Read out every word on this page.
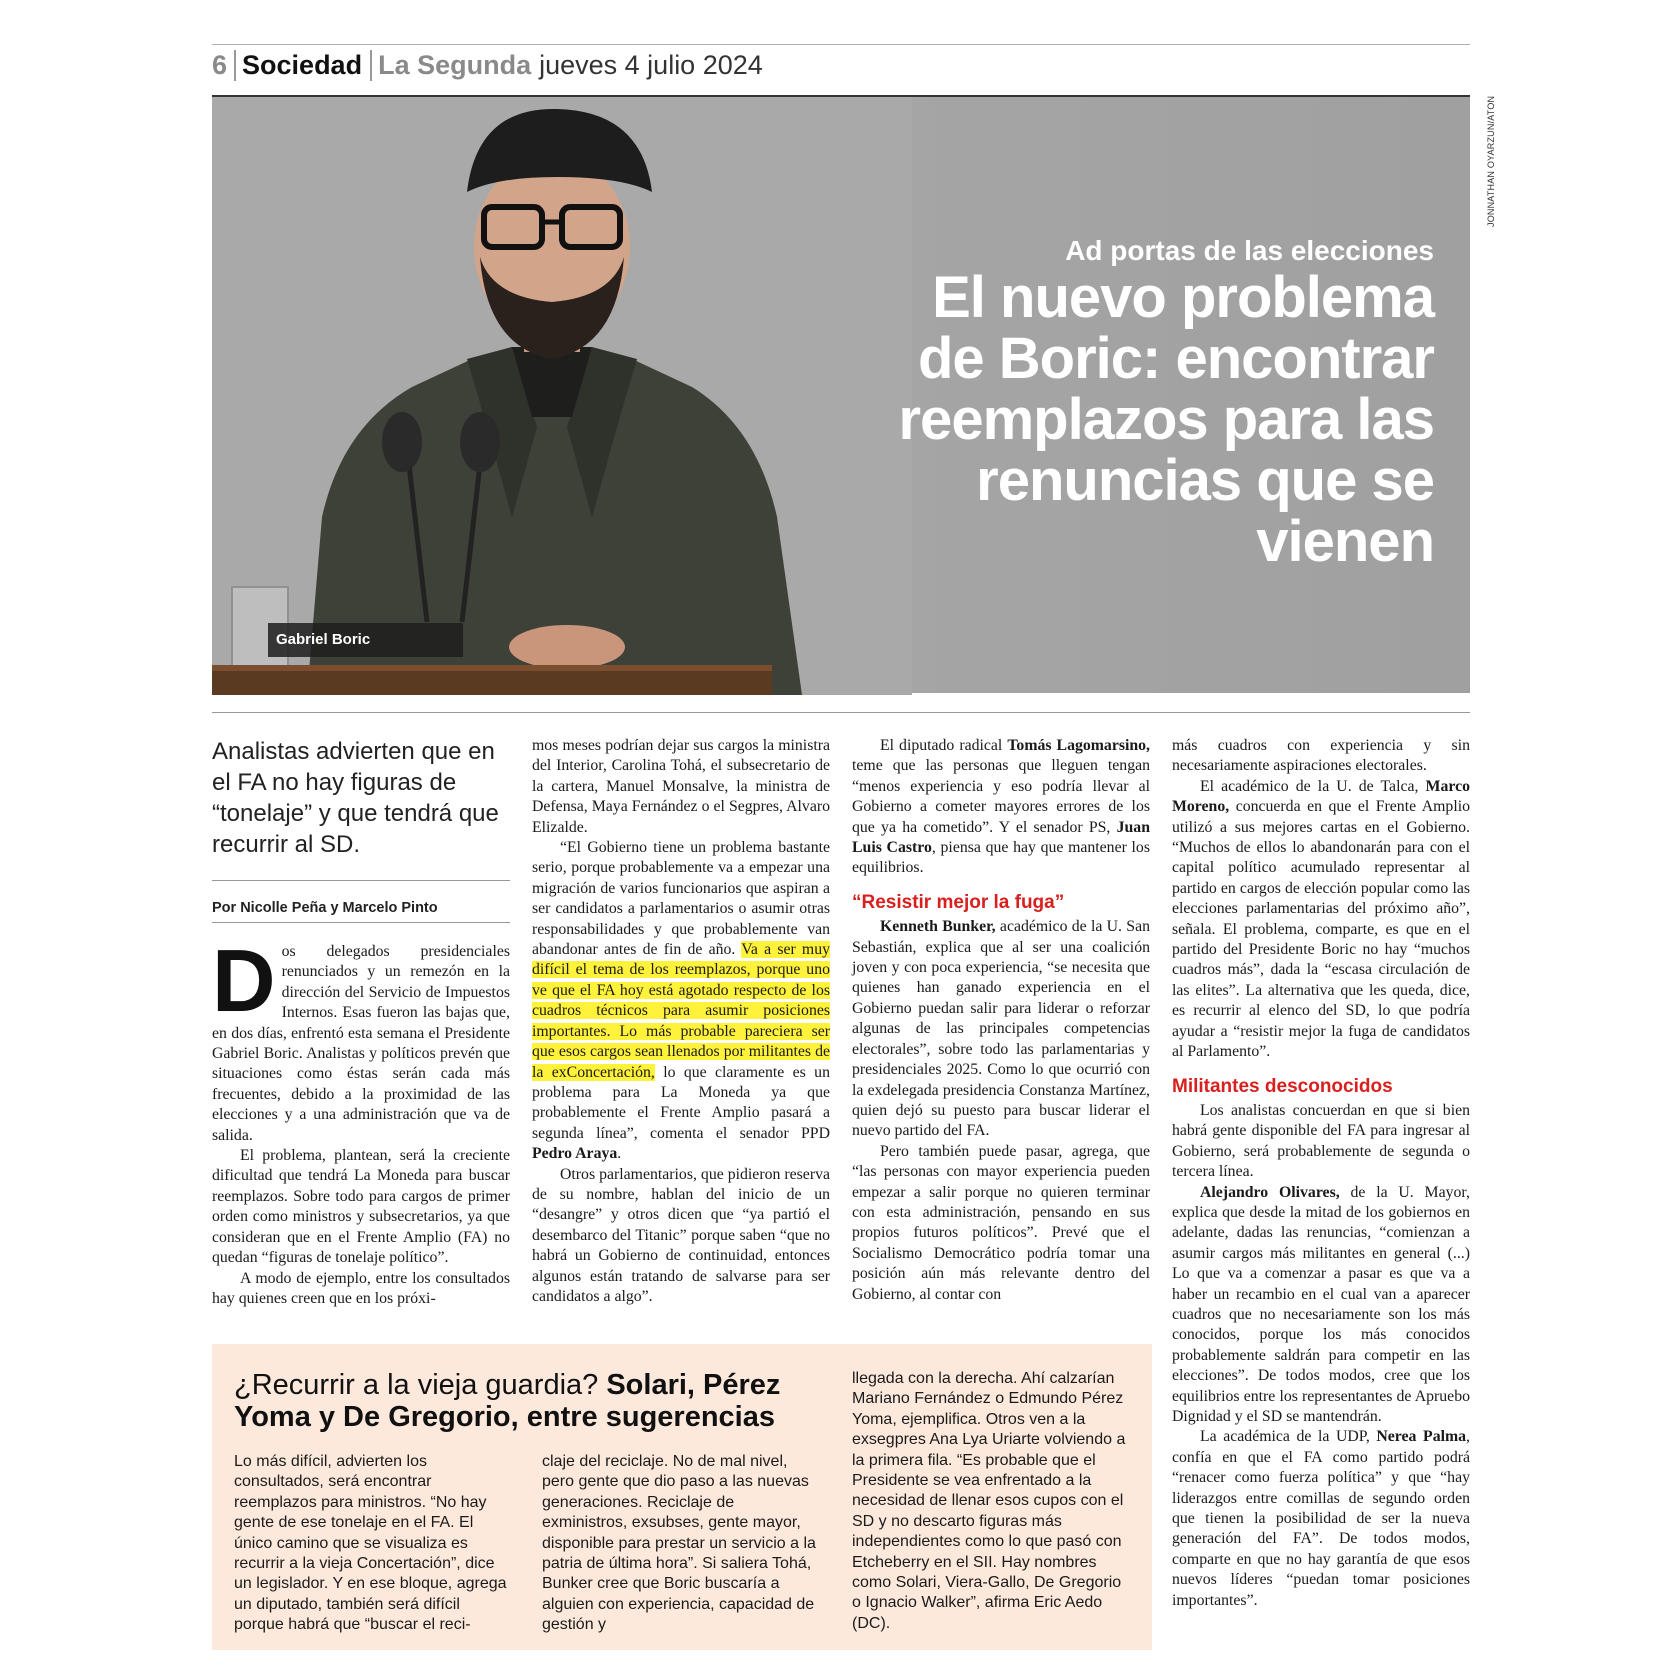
6 Sociedad La Segunda jueves 4 julio 2024
Gabriel Boric
JONNATHAN OYARZUN/ATON
Ad portas de las elecciones
El nuevo problema de Boric: encontrar reemplazos para las renuncias que se vienen
Analistas advierten que en el FA no hay figuras de “tonelaje” y que tendrá que recurrir al SD.
Por Nicolle Peña y Marcelo Pinto

Dos delegados presidenciales renunciados y un remezón en la dirección del Servicio de Impuestos Internos. Esas fueron las bajas que, en dos días, enfrentó esta semana el Presidente Gabriel Boric. Analistas y políticos prevén que situaciones como éstas serán cada más frecuentes, debido a la proximidad de las elecciones y a una administración que va de salida.

El problema, plantean, será la creciente dificultad que tendrá La Moneda para buscar reemplazos. Sobre todo para cargos de primer orden como ministros y subsecretarios, ya que consideran que en el Frente Amplio (FA) no quedan “figuras de tonelaje político”.

A modo de ejemplo, entre los consultados hay quienes creen que en los próxi-

mos meses podrían dejar sus cargos la ministra del Interior, Carolina Tohá, el subsecretario de la cartera, Manuel Monsalve, la ministra de Defensa, Maya Fernández o el Segpres, Alvaro Elizalde.

“El Gobierno tiene un problema bastante serio, porque probablemente va a empezar una migración de varios funcionarios que aspiran a ser candidatos a parlamentarios o asumir otras responsabilidades y que probablemente van abandonar antes de fin de año. Va a ser muy difícil el tema de los reemplazos, porque uno ve que el FA hoy está agotado respecto de los cuadros técnicos para asumir posiciones importantes. Lo más probable pareciera ser que esos cargos sean llenados por militantes de la exConcertación, lo que claramente es un problema para La Moneda ya que probablemente el Frente Amplio pasará a segunda línea”, comenta el senador PPD Pedro Araya.

Otros parlamentarios, que pidieron reserva de su nombre, hablan del inicio de un “desangre” y otros dicen que “ya partió el desembarco del Titanic” porque saben “que no habrá un Gobierno de continuidad, entonces algunos están tratando de salvarse para ser candidatos a algo”.

El diputado radical Tomás Lagomarsino, teme que las personas que lleguen tengan “menos experiencia y eso podría llevar al Gobierno a cometer mayores errores de los que ya ha cometido”. Y el senador PS, Juan Luis Castro, piensa que hay que mantener los equilibrios.

“Resistir mejor la fuga”

Kenneth Bunker, académico de la U. San Sebastián, explica que al ser una coalición joven y con poca experiencia, “se necesita que quienes han ganado experiencia en el Gobierno puedan salir para liderar o reforzar algunas de las principales competencias electorales”, sobre todo las parlamentarias y presidenciales 2025. Como lo que ocurrió con la exdelegada presidencia Constanza Martínez, quien dejó su puesto para buscar liderar el nuevo partido del FA.

Pero también puede pasar, agrega, que “las personas con mayor experiencia pueden empezar a salir porque no quieren terminar con esta administración, pensando en sus propios futuros políticos”. Prevé que el Socialismo Democrático podría tomar una posición aún más relevante dentro del Gobierno, al contar con

más cuadros con experiencia y sin necesariamente aspiraciones electorales.

El académico de la U. de Talca, Marco Moreno, concuerda en que el Frente Amplio utilizó a sus mejores cartas en el Gobierno. “Muchos de ellos lo abandonarán para con el capital político acumulado representar al partido en cargos de elección popular como las elecciones parlamentarias del próximo año”, señala. El problema, comparte, es que en el partido del Presidente Boric no hay “muchos cuadros más”, dada la “escasa circulación de las elites”. La alternativa que les queda, dice, es recurrir al elenco del SD, lo que podría ayudar a “resistir mejor la fuga de candidatos al Parlamento”.

Militantes desconocidos

Los analistas concuerdan en que si bien habrá gente disponible del FA para ingresar al Gobierno, será probablemente de segunda o tercera línea.

Alejandro Olivares, de la U. Mayor, explica que desde la mitad de los gobiernos en adelante, dadas las renuncias, “comienzan a asumir cargos más militantes en general (...) Lo que va a comenzar a pasar es que va a haber un recambio en el cual van a aparecer cuadros que no necesariamente son los más conocidos, porque los más conocidos probablemente saldrán para competir en las elecciones”. De todos modos, cree que los equilibrios entre los representantes de Apruebo Dignidad y el SD se mantendrán.

La académica de la UDP, Nerea Palma, confía en que el FA como partido podrá “renacer como fuerza política” y que “hay liderazgos entre comillas de segundo orden que tienen la posibilidad de ser la nueva generación del FA”. De todos modos, comparte en que no hay garantía de que esos nuevos líderes “puedan tomar posiciones importantes”.

¿Recurrir a la vieja guardia? Solari, Pérez Yoma y De Gregorio, entre sugerencias
Lo más difícil, advierten los consultados, será encontrar reemplazos para ministros. “No hay gente de ese tonelaje en el FA. El único camino que se visualiza es recurrir a la vieja Concertación”, dice un legislador. Y en ese bloque, agrega un diputado, también será difícil porque habrá que “buscar el reci-
claje del reciclaje. No de mal nivel, pero gente que dio paso a las nuevas generaciones. Reciclaje de exministros, exsubses, gente mayor, disponible para prestar un servicio a la patria de última hora”. Si saliera Tohá, Bunker cree que Boric buscaría a alguien con experiencia, capacidad de gestión y
llegada con la derecha. Ahí calzarían Mariano Fernández o Edmundo Pérez Yoma, ejemplifica. Otros ven a la exsegpres Ana Lya Uriarte volviendo a la primera fila. “Es probable que el Presidente se vea enfrentado a la necesidad de llenar esos cupos con el SD y no descarto figuras más independientes como lo que pasó con Etcheberry en el SII. Hay nombres como Solari, Viera-Gallo, De Gregorio o Ignacio Walker”, afirma Eric Aedo (DC).
